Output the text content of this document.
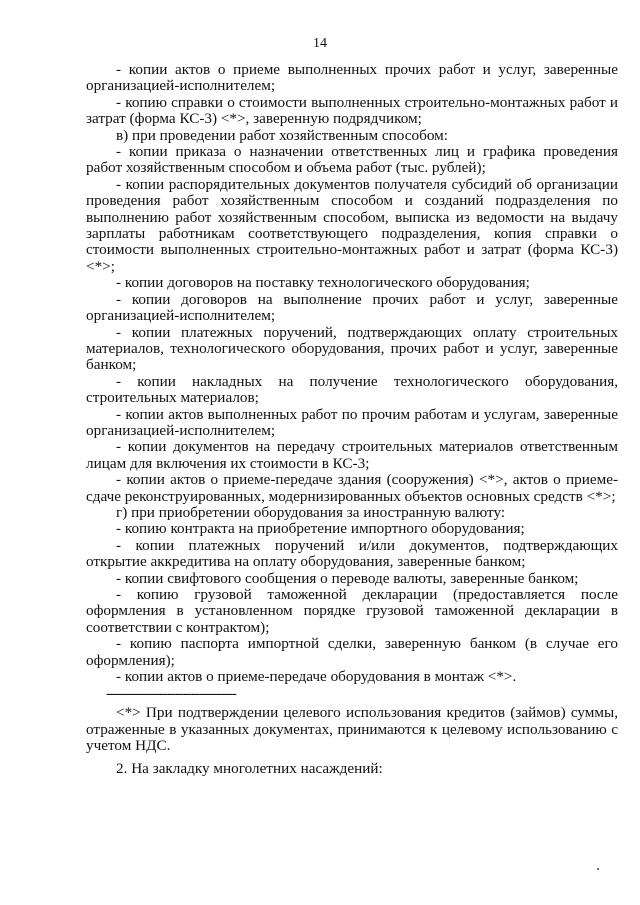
14

- копии актов о приеме выполненных прочих работ и услуг, заверенные организацией-исполнителем;

- копию справки о стоимости выполненных строительно-монтажных работ и затрат (форма КС-3) <*>, заверенную подрядчиком;

в) при проведении работ хозяйственным способом:

- копии приказа о назначении ответственных лиц и графика проведения работ хозяйственным способом и объема работ (тыс. рублей);

- копии распорядительных документов получателя субсидий об организации проведения работ хозяйственным способом и созданий подразделения по выполнению работ хозяйственным способом, выписка из ведомости на выдачу зарплаты работникам соответствующего подразделения, копия справки о стоимости выполненных строительно-монтажных работ и затрат (форма КС-3) <*>;

- копии договоров на поставку технологического оборудования;

- копии договоров на выполнение прочих работ и услуг, заверенные организацией-исполнителем;

- копии платежных поручений, подтверждающих оплату строительных материалов, технологического оборудования, прочих работ и услуг, заверенные банком;

- копии накладных на получение технологического оборудования, строительных материалов;

- копии актов выполненных работ по прочим работам и услугам, заверенные организацией-исполнителем;

- копии документов на передачу строительных материалов ответственным лицам для включения их стоимости в КС-3;

- копии актов о приеме-передаче здания (сооружения) <*>, актов о приеме-сдаче реконструированных, модернизированных объектов основных средств <*>;

г) при приобретении оборудования за иностранную валюту:

- копию контракта на приобретение импортного оборудования;

- копии платежных поручений и/или документов, подтверждающих открытие аккредитива на оплату оборудования, заверенные банком;

- копии свифтового сообщения о переводе валюты, заверенные банком;

- копию грузовой таможенной декларации (предоставляется после оформления в установленном порядке грузовой таможенной декларации в соответствии с контрактом);

- копию паспорта импортной сделки, заверенную банком (в случае его оформления);

- копии актов о приеме-передаче оборудования в монтаж <*>.

--------------------------------

<*> При подтверждении целевого использования кредитов (займов) суммы, отраженные в указанных документах, принимаются к целевому использованию с учетом НДС.

2. На закладку многолетних насаждений:
